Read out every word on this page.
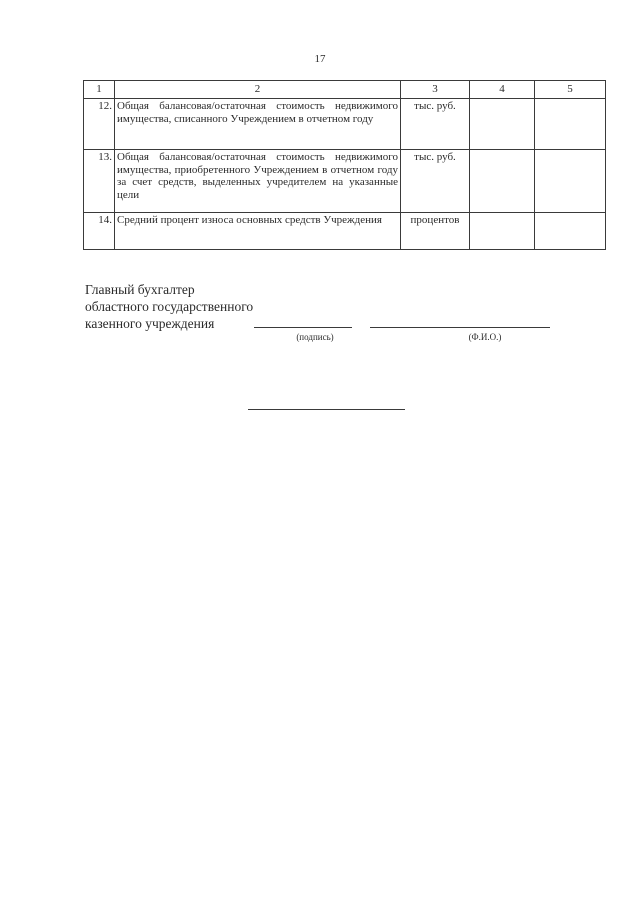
17
1	2	3	4	5
12.	Общая балансовая/остаточная стоимость недвижимого имущества, списанного Учреждением в отчетном году	тыс. руб.		
13.	Общая балансовая/остаточная стоимость недвижимого имущества, приобретенного Учреждением в отчетном году за счет средств, выделенных учредителем на указанные цели	тыс. руб.		
14.	Средний процент износа основных средств Учреждения	процентов		
Главный бухгалтер
областного государственного
казенного учреждения
(подпись)	(Ф.И.О.)
